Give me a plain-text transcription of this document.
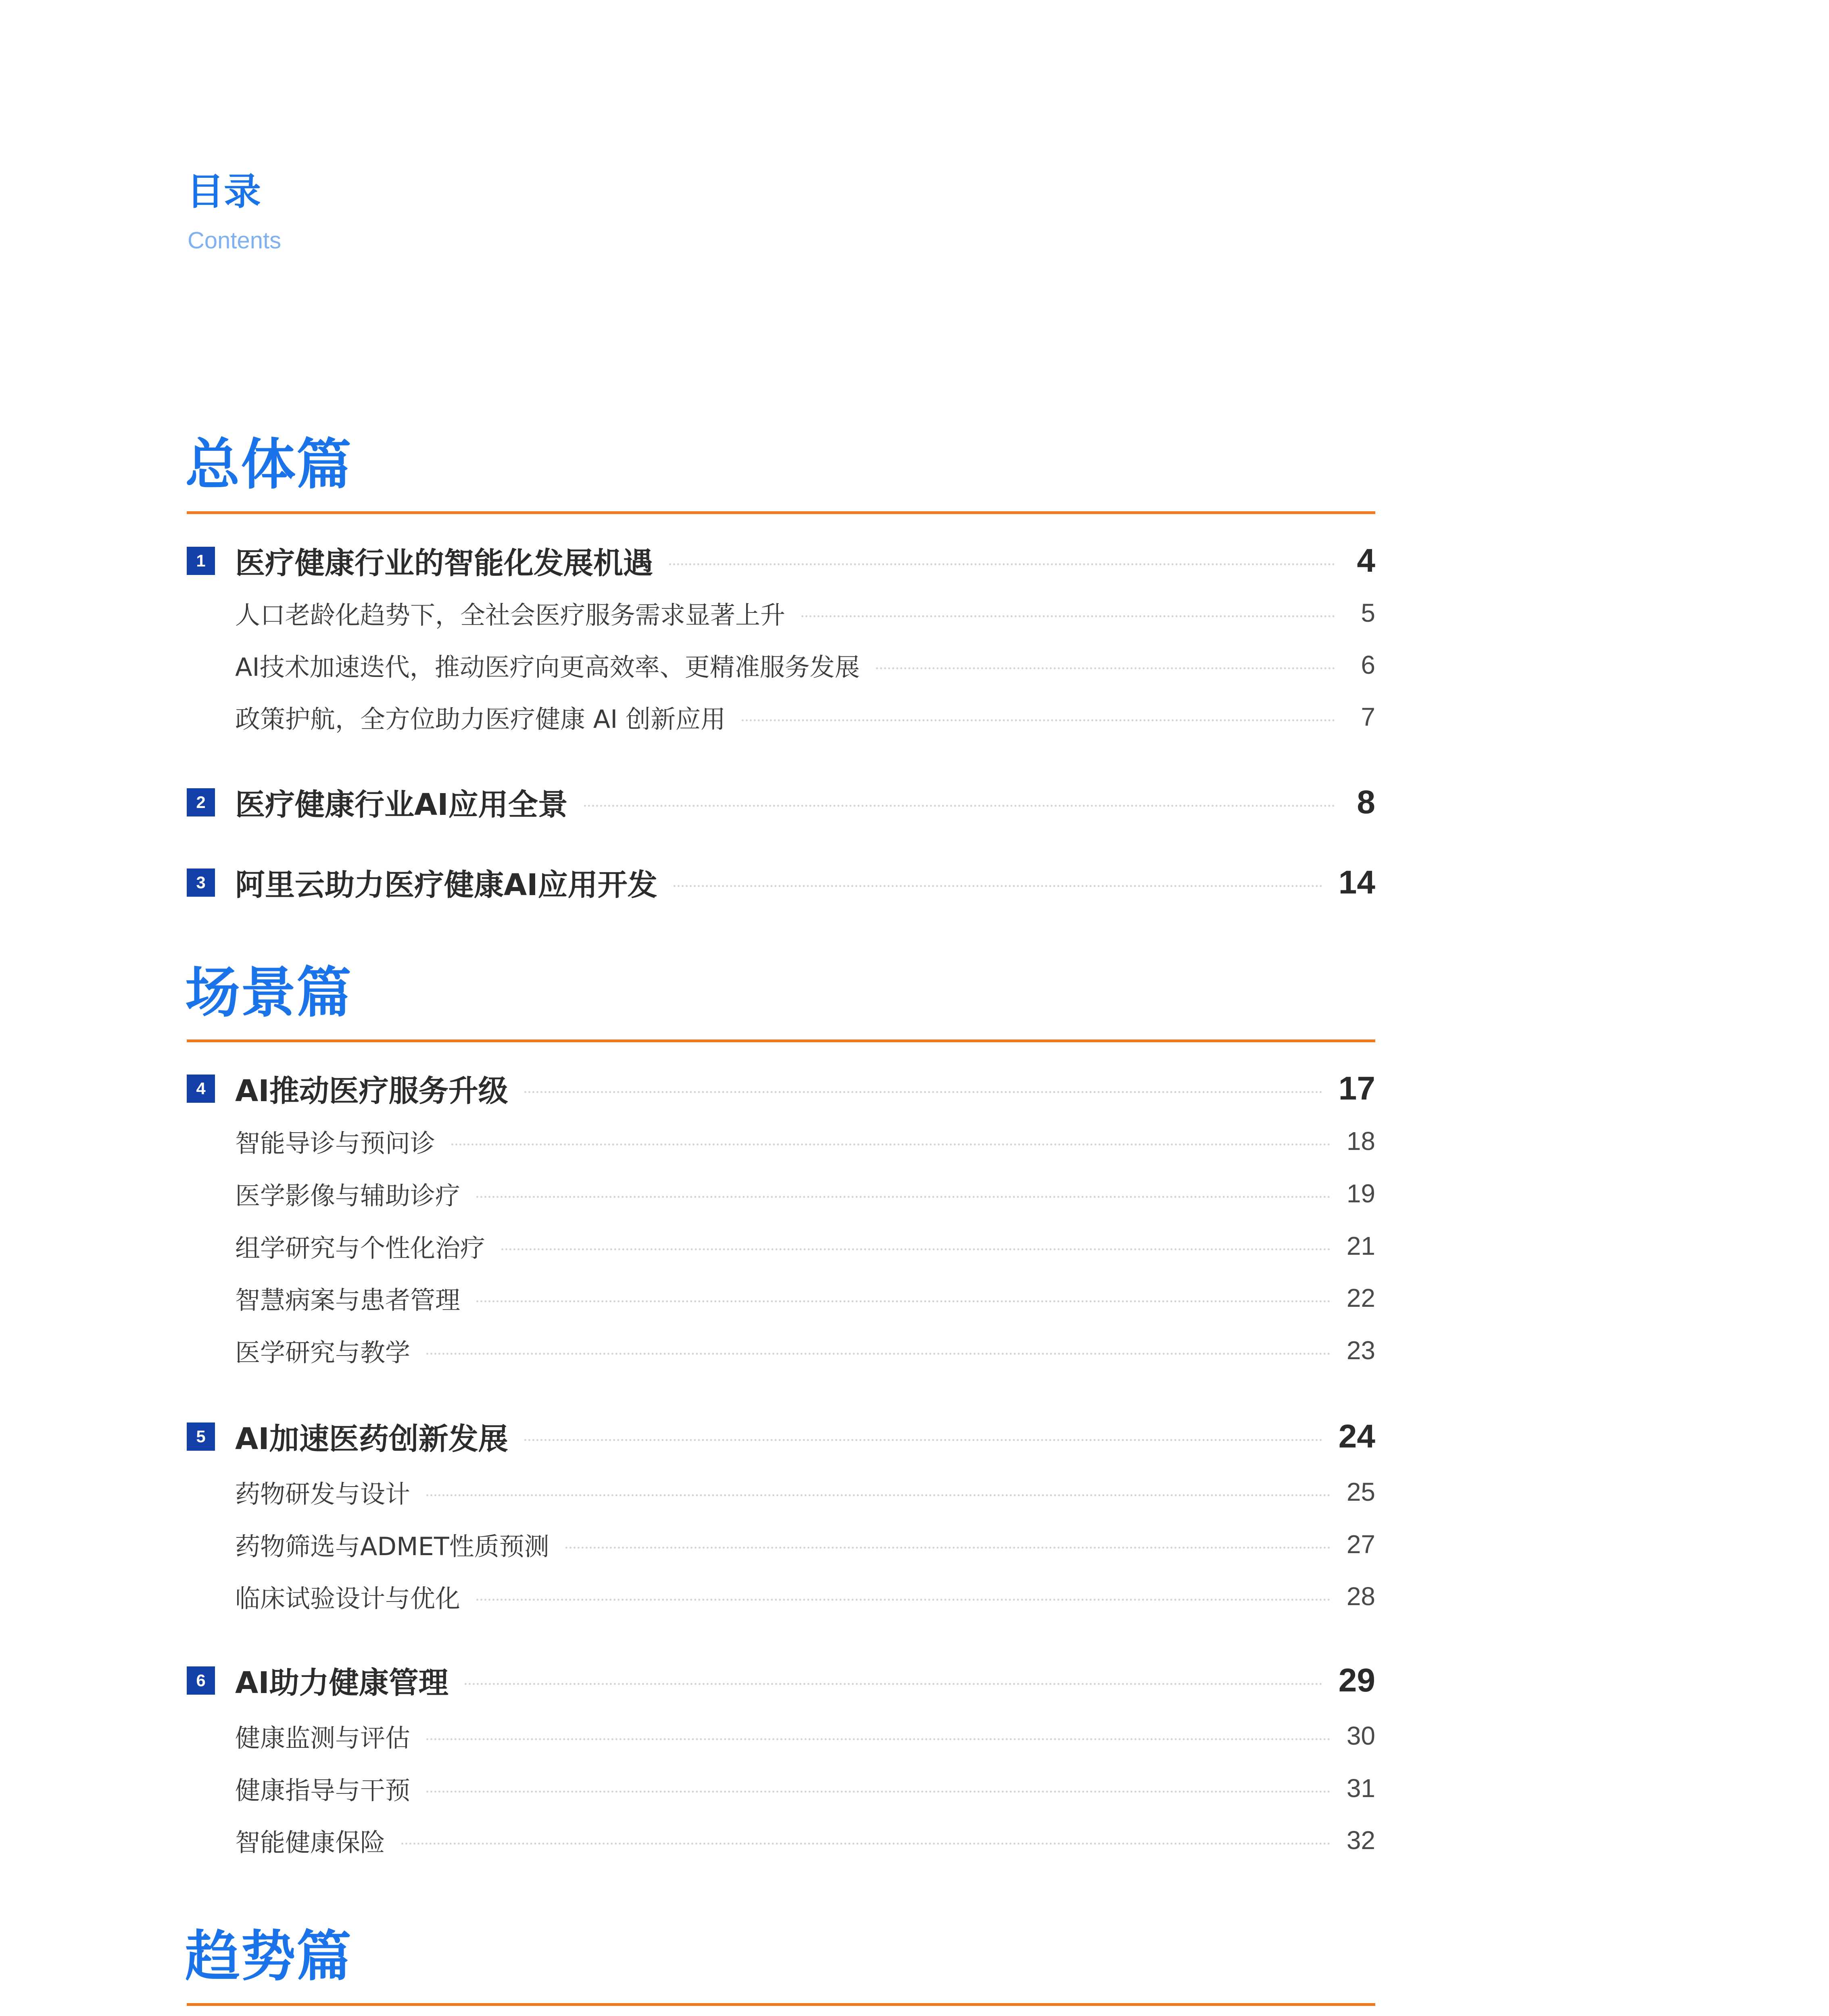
目录
Contents
总体篇
1 医疗健康行业的智能化发展机遇	4
人口老龄化趋势下，全社会医疗服务需求显著上升	5
AI技术加速迭代，推动医疗向更高效率、更精准服务发展	6
政策护航，全方位助力医疗健康 AI 创新应用	7
2 医疗健康行业AI应用全景	8
3 阿里云助力医疗健康AI应用开发	14
场景篇
4 AI推动医疗服务升级	17
智能导诊与预问诊	18
医学影像与辅助诊疗	19
组学研究与个性化治疗	21
智慧病案与患者管理	22
医学研究与教学	23
5 AI加速医药创新发展	24
药物研发与设计	25
药物筛选与ADMET性质预测	27
临床试验设计与优化	28
6 AI助力健康管理	29
健康监测与评估	30
健康指导与干预	31
智能健康保险	32
趋势篇
